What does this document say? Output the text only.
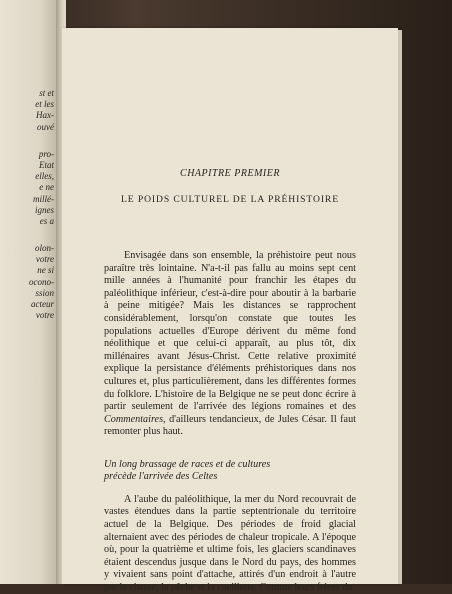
st et
et les
Hax-
ouvé
pro-
Etat
elles,
e ne
millé-
ignes
es a
olon-
votre
ne si
ocono-
ssion
acteur
votre
CHAPITRE PREMIER
LE POIDS CULTUREL DE LA PRÉHISTOIRE

Envisagée dans son ensemble, la préhistoire peut nous paraître très lointaine. N'a-t-il pas fallu au moins sept cent mille années à l'humanité pour franchir les étapes du paléolithique inférieur, c'est-à-dire pour aboutir à la barbarie à peine mitigée? Mais les distances se rapprochent considérablement, lorsqu'on constate que toutes les populations actuelles d'Europe dérivent du même fond néolithique et que celui-ci apparaît, au plus tôt, dix millénaires avant Jésus-Christ. Cette relative proximité explique la persistance d'éléments préhistoriques dans nos cultures et, plus particulièrement, dans les différentes formes du folklore. L'histoire de la Belgique ne se peut donc écrire à partir seulement de l'arrivée des légions romaines et des Commentaires, d'ailleurs tendancieux, de Jules César. Il faut remonter plus haut.

Un long brassage de races et de cultures
précède l'arrivée des Celtes

A l'aube du paléolithique, la mer du Nord recouvrait de vastes étendues dans la partie septentrionale du territoire actuel de la Belgique. Des périodes de froid glacial alternaient avec des périodes de chaleur tropicale. A l'époque où, pour la quatrième et ultime fois, les glaciers scandinaves étaient descendus jusque dans le Nord du pays, des hommes y vivaient sans point d'attache, attirés d'un endroit à l'autre par la chasse, la pêche et la cueillette. Comme leurs frères du
